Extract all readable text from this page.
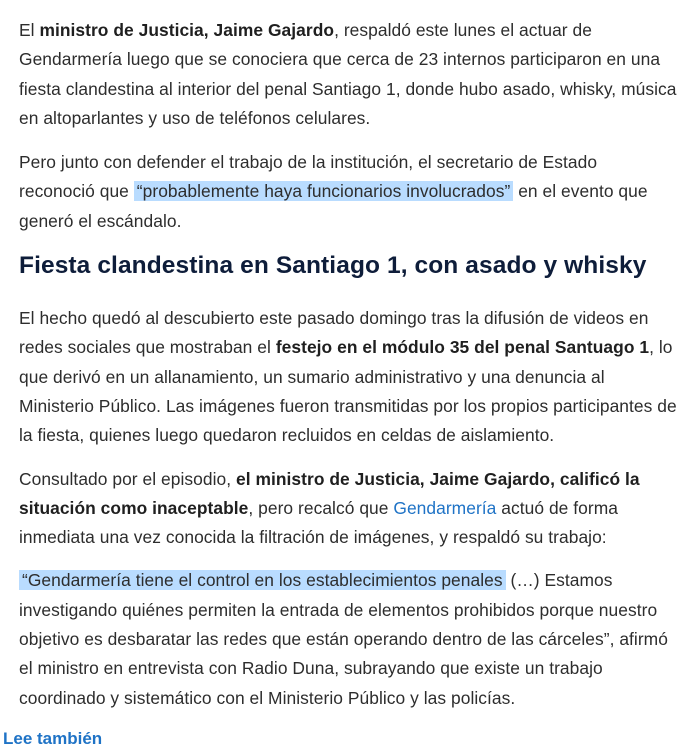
El ministro de Justicia, Jaime Gajardo, respaldó este lunes el actuar de Gendarmería luego que se conociera que cerca de 23 internos participaron en una fiesta clandestina al interior del penal Santiago 1, donde hubo asado, whisky, música en altoparlantes y uso de teléfonos celulares.

Pero junto con defender el trabajo de la institución, el secretario de Estado reconoció que “probablemente haya funcionarios involucrados” en el evento que generó el escándalo.

Fiesta clandestina en Santiago 1, con asado y whisky

El hecho quedó al descubierto este pasado domingo tras la difusión de videos en redes sociales que mostraban el festejo en el módulo 35 del penal Santuago 1, lo que derivó en un allanamiento, un sumario administrativo y una denuncia al Ministerio Público. Las imágenes fueron transmitidas por los propios participantes de la fiesta, quienes luego quedaron recluidos en celdas de aislamiento.

Consultado por el episodio, el ministro de Justicia, Jaime Gajardo, calificó la situación como inaceptable, pero recalcó que Gendarmería actuó de forma inmediata una vez conocida la filtración de imágenes, y respaldó su trabajo:

“Gendarmería tiene el control en los establecimientos penales (…) Estamos investigando quiénes permiten la entrada de elementos prohibidos porque nuestro objetivo es desbaratar las redes que están operando dentro de las cárceles”, afirmó el ministro en entrevista con Radio Duna, subrayando que existe un trabajo coordinado y sistemático con el Ministerio Público y las policías.

Lee también
